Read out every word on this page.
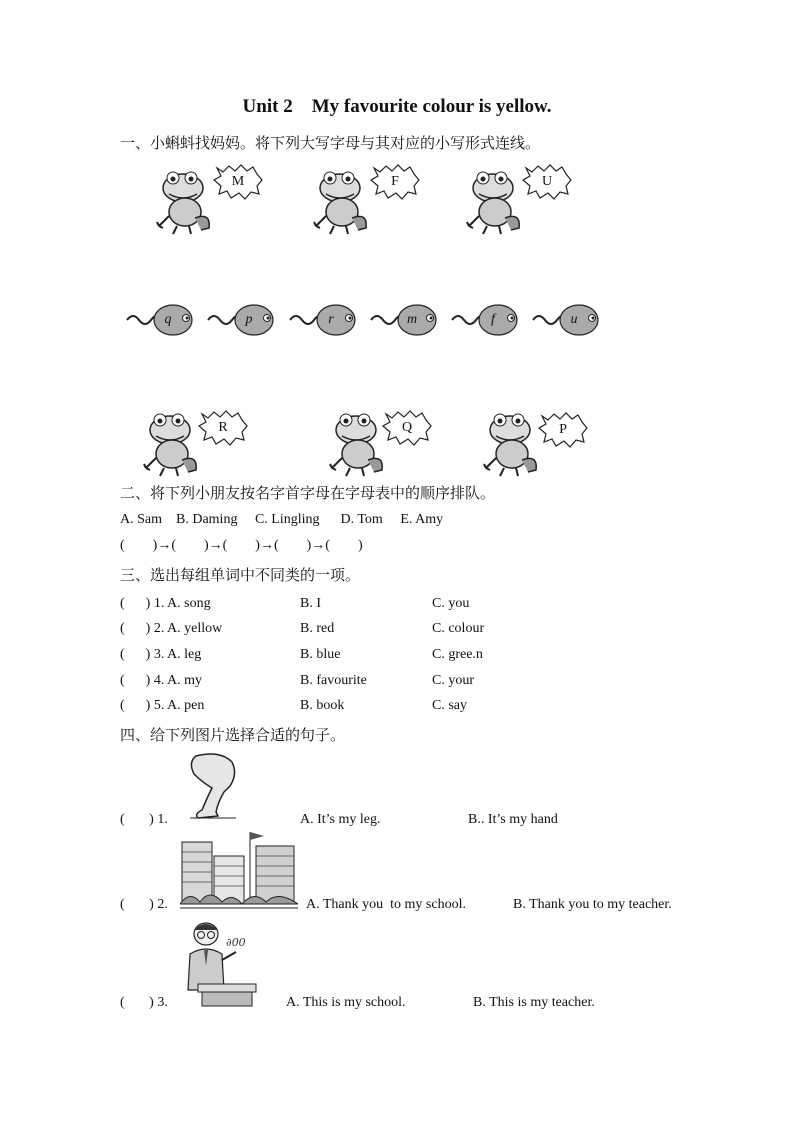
Unit 2    My favourite colour is yellow.
一、小蝌蚪找妈妈。将下列大写字母与其对应的小写形式连线。
M	F	U
q	p	r	m	f	u
R	Q	P
二、将下列小朋友按名字首字母在字母表中的顺序排队。
A. Sam    B. Daming     C. Lingling      D. Tom     E. Amy
(        )→(        )→(        )→(        )→(        )
三、选出每组单词中不同类的一项。
(      ) 1. A. song	B. I	C. you
(      ) 2. A. yellow	B. red	C. colour
(      ) 3. A. leg	B. blue	C. gree.n
(      ) 4. A. my	B. favourite	C. your
(      ) 5. A. pen	B. book	C. say
四、给下列图片选择合适的句子。
(       ) 1.	A. It’s my leg.	B.. It’s my hand
(       ) 2.	A. Thank you  to my school.	B. Thank you to my teacher.
∂00
(       ) 3.	A. This is my school.	B. This is my teacher.
